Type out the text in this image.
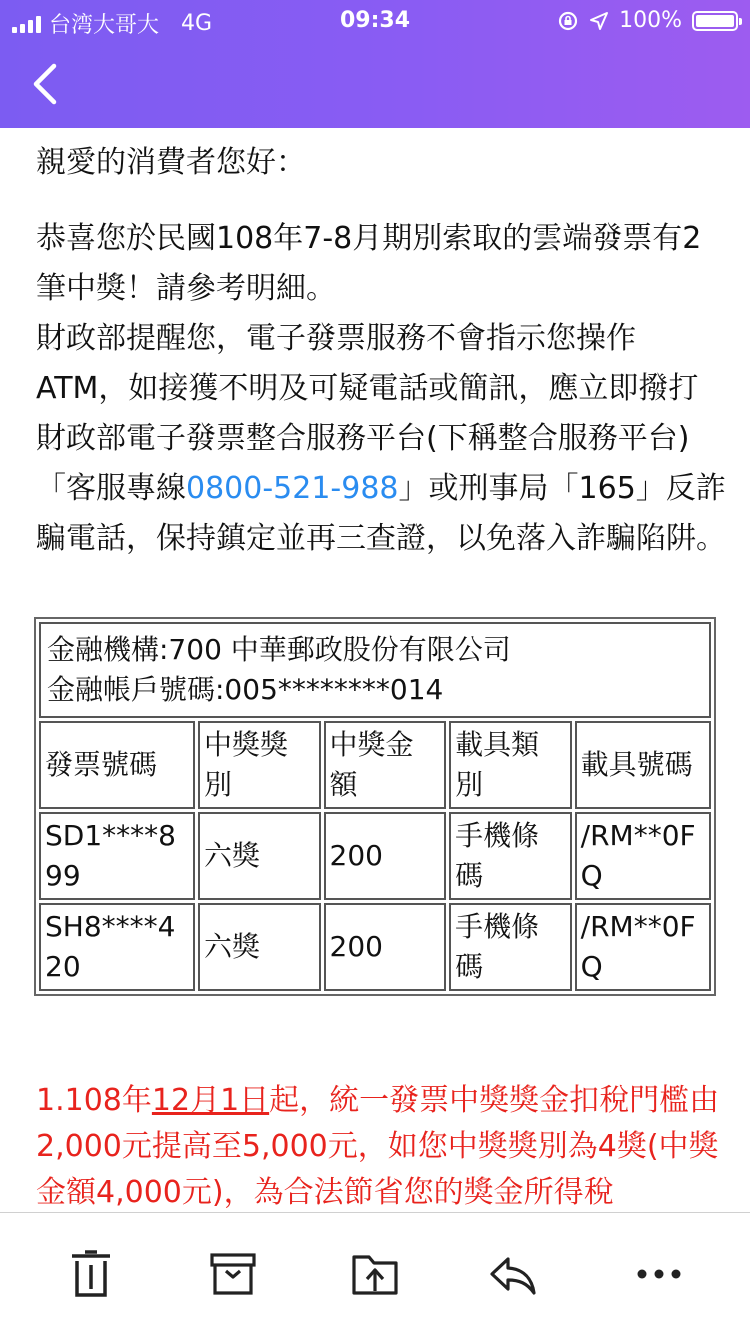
台湾大哥大 4G	09:34	100%

親愛的消費者您好：

恭喜您於民國108年7-8月期別索取的雲端發票有2筆中獎！請參考明細。

財政部提醒您，電子發票服務不會指示您操作ATM，如接獲不明及可疑電話或簡訊，應立即撥打財政部電子發票整合服務平台(下稱整合服務平台)「客服專線0800-521-988」或刑事局「165」反詐騙電話，保持鎮定並再三查證，以免落入詐騙陷阱。

金融機構:700 中華郵政股份有限公司
金融帳戶號碼:005********014				

發票號碼	中獎獎別	中獎金額	載具類別	載具號碼
SD1****899	六獎	200	手機條碼	/RM**0FQ
SH8****420	六獎	200	手機條碼	/RM**0FQ

1.108年12月1日起，統一發票中獎獎金扣稅門檻由2,000元提高至5,000元，如您中獎獎別為4獎(中獎金額4,000元)，為合法節省您的獎金所得稅
